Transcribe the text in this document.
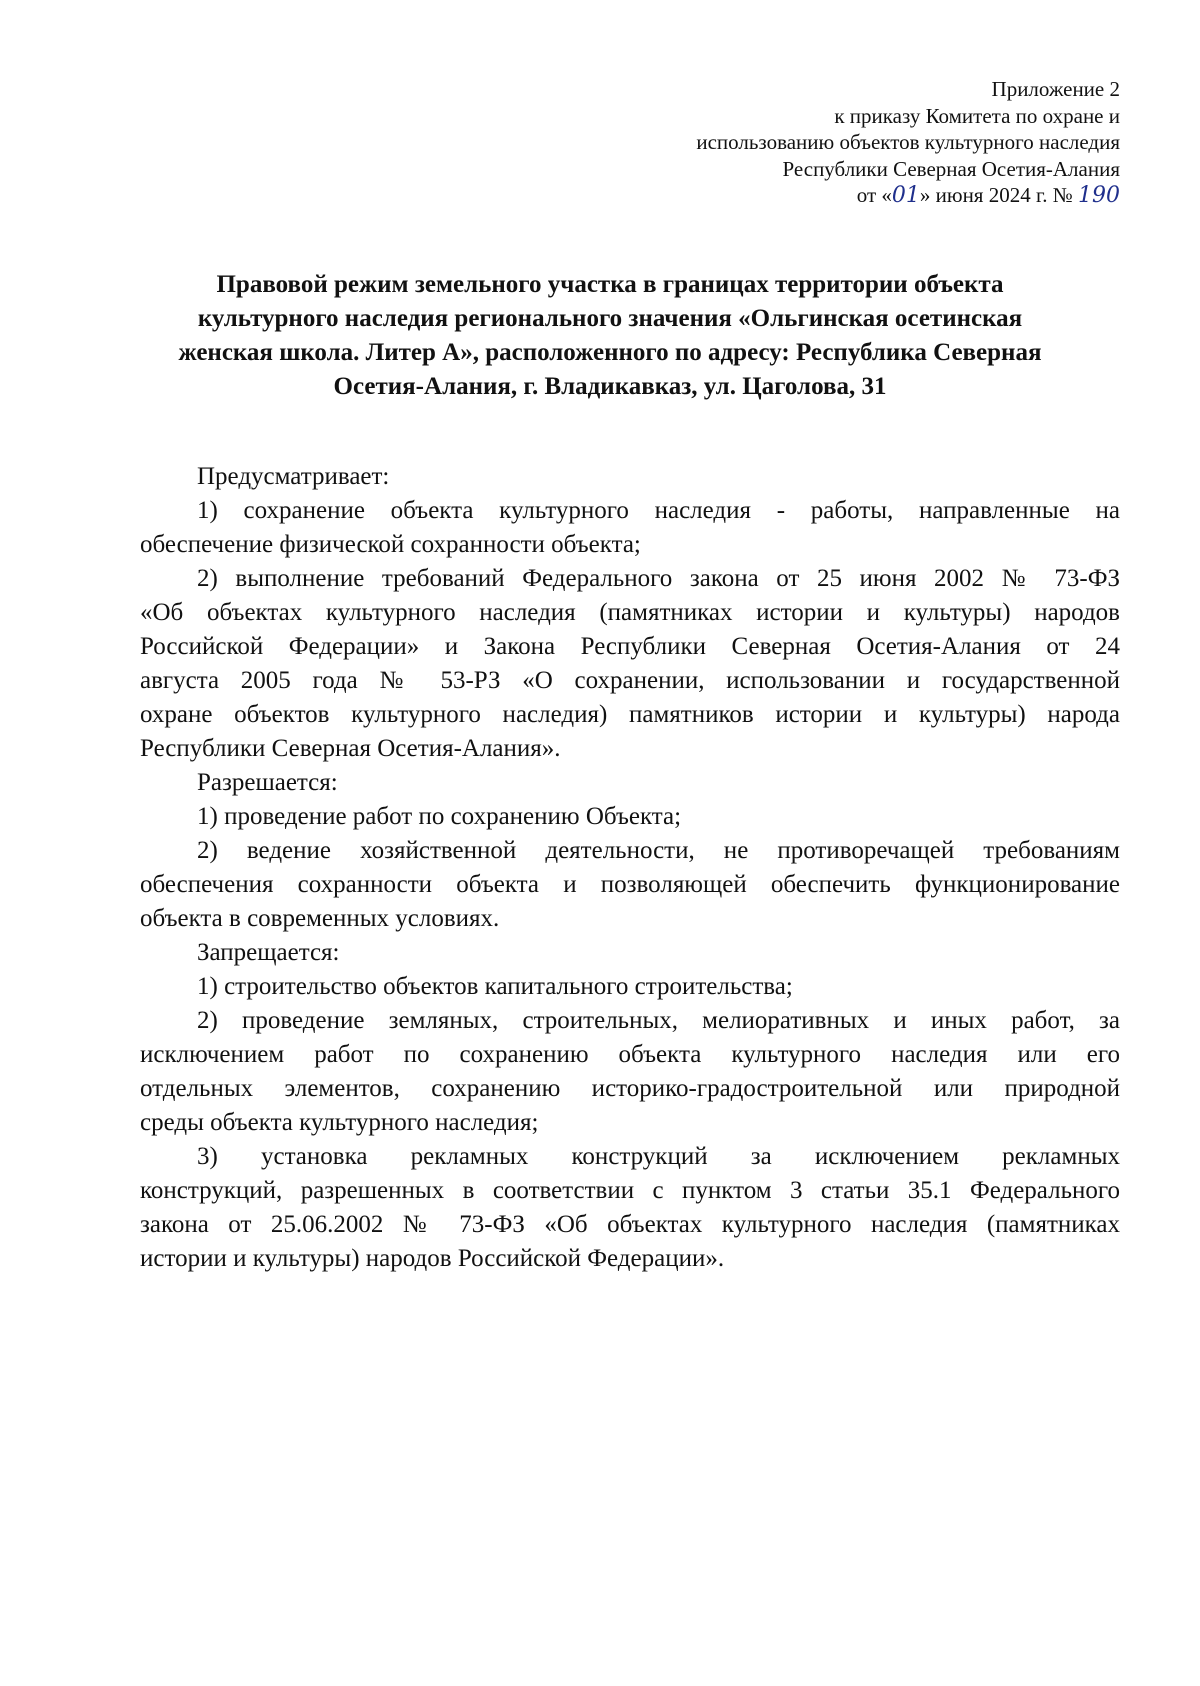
Приложение 2
к приказу Комитета по охране и
использованию объектов культурного наследия
Республики Северная Осетия-Алания
от «01» июня 2024 г. № 190
Правовой режим земельного участка в границах территории объекта
культурного наследия регионального значения «Ольгинская осетинская
женская школа. Литер А», расположенного по адресу: Республика Северная
Осетия-Алания, г. Владикавказ, ул. Цаголова, 31
Предусматривает:
1) сохранение объекта культурного наследия - работы, направленные на
обеспечение физической сохранности объекта;
2) выполнение требований Федерального закона от 25 июня 2002 № 73-ФЗ
«Об объектах культурного наследия (памятниках истории и культуры) народов
Российской Федерации» и Закона Республики Северная Осетия-Алания от 24
августа 2005 года № 53-РЗ «О сохранении, использовании и государственной
охране объектов культурного наследия) памятников истории и культуры) народа
Республики Северная Осетия-Алания».
Разрешается:
1) проведение работ по сохранению Объекта;
2) ведение хозяйственной деятельности, не противоречащей требованиям
обеспечения сохранности объекта и позволяющей обеспечить функционирование
объекта в современных условиях.
Запрещается:
1) строительство объектов капитального строительства;
2) проведение земляных, строительных, мелиоративных и иных работ, за
исключением работ по сохранению объекта культурного наследия или его
отдельных элементов, сохранению историко-градостроительной или природной
среды объекта культурного наследия;
3) установка рекламных конструкций за исключением рекламных
конструкций, разрешенных в соответствии с пунктом 3 статьи 35.1 Федерального
закона от 25.06.2002 № 73-ФЗ «Об объектах культурного наследия (памятниках
истории и культуры) народов Российской Федерации».
